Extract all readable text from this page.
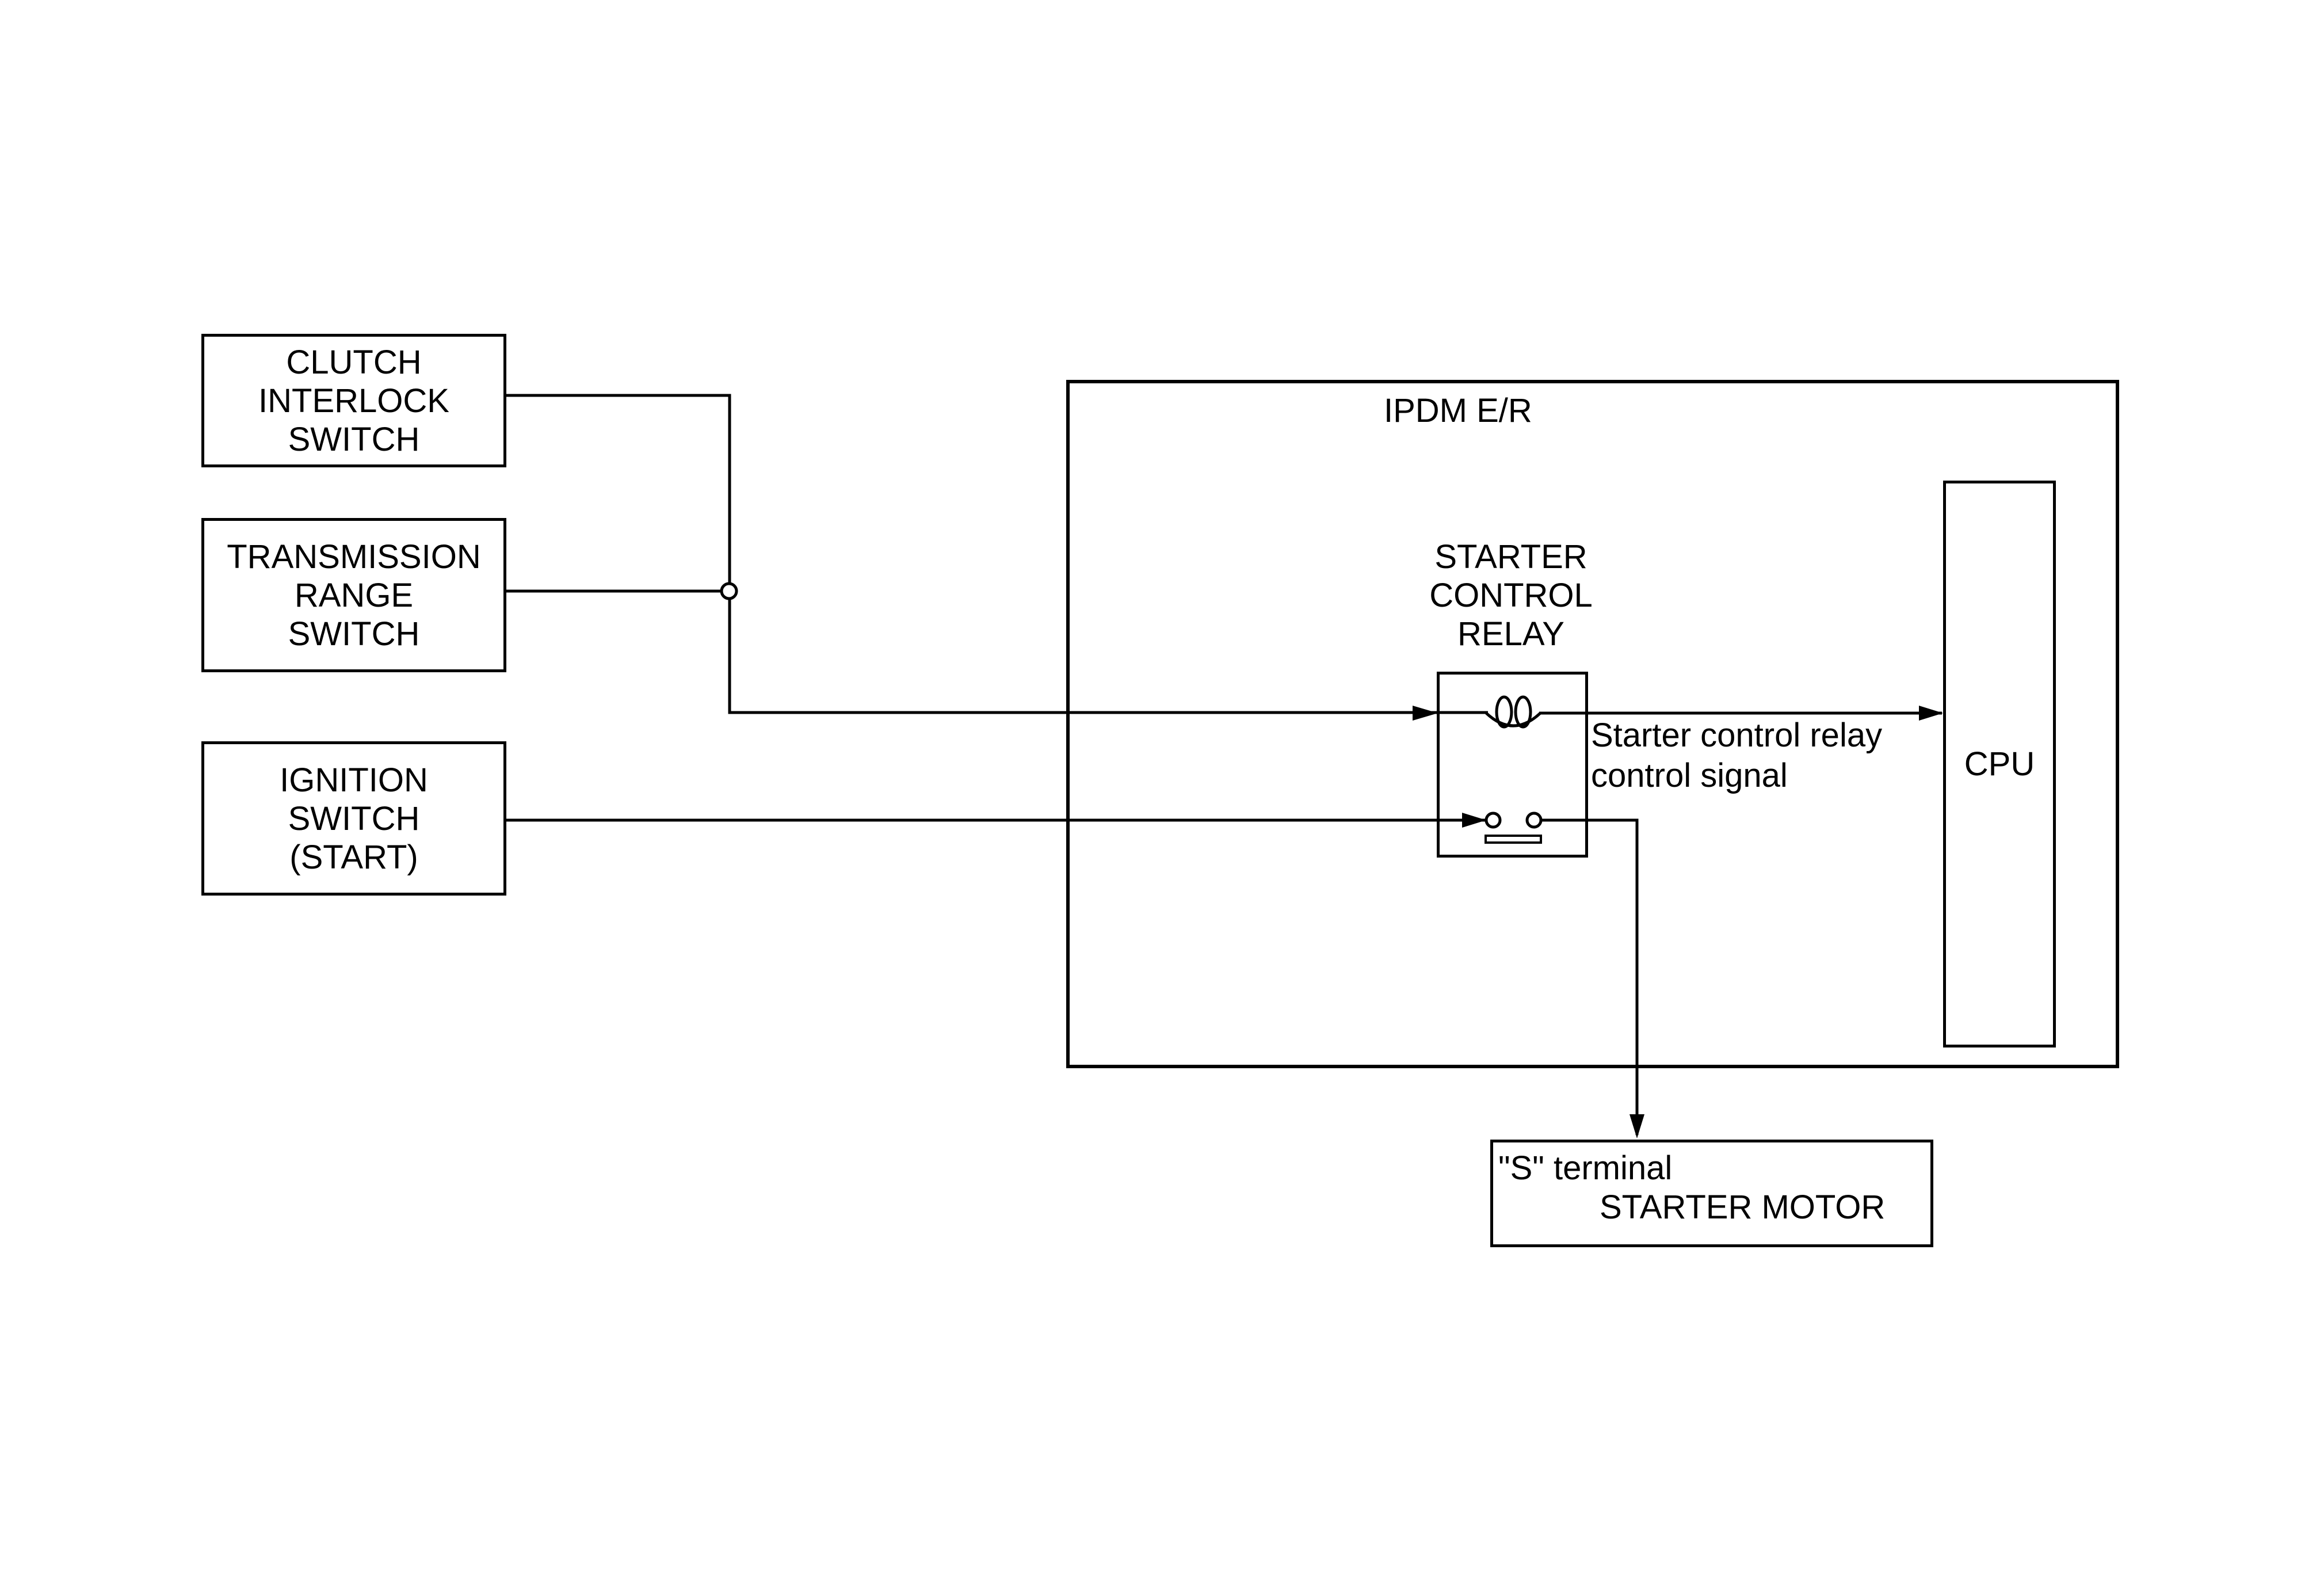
CLUTCH
INTERLOCK
SWITCH
TRANSMISSION
RANGE
SWITCH
IGNITION
SWITCH
(START)
IPDM E/R
STARTER
CONTROL
RELAY
CPU
Starter control relay
control signal
"S" terminal
STARTER MOTOR
